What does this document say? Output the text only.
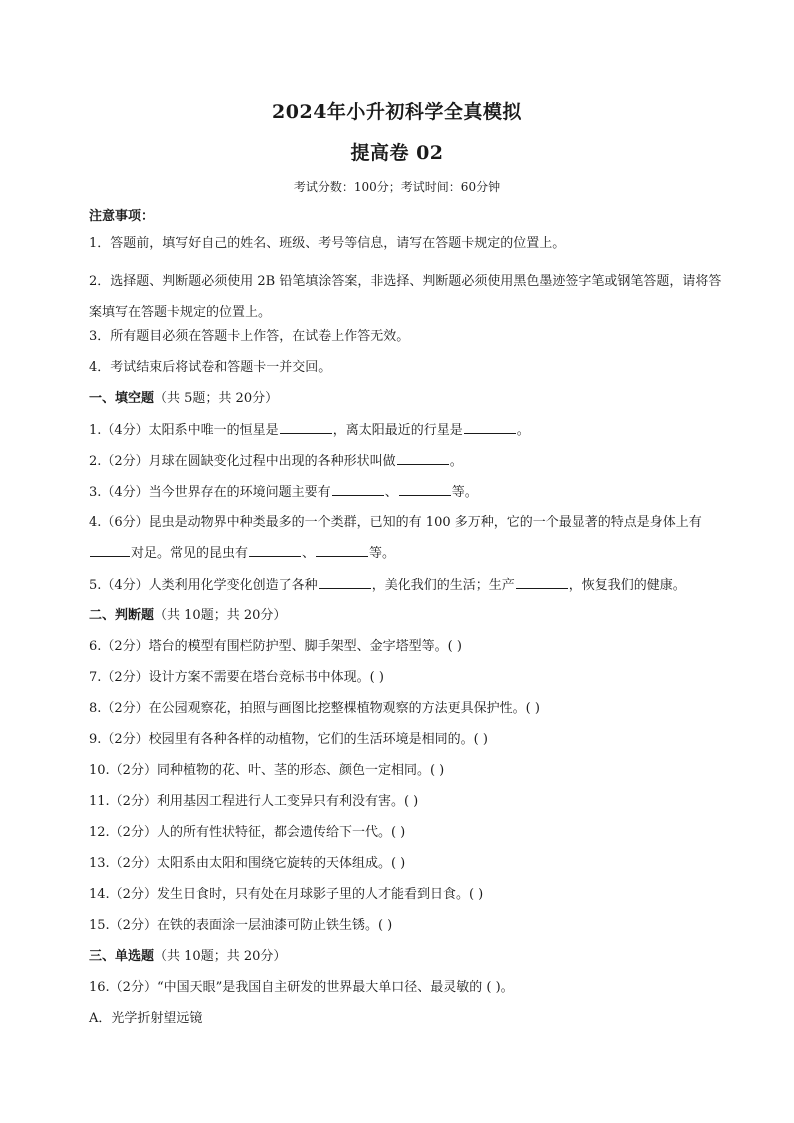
2024年小升初科学全真模拟
提高卷 02
考试分数：100分；考试时间：60分钟
注意事项：
1．答题前，填写好自己的姓名、班级、考号等信息，请写在答题卡规定的位置上。
2．选择题、判断题必须使用 2B 铅笔填涂答案，非选择、判断题必须使用黑色墨迹签字笔或钢笔答题，请将答案填写在答题卡规定的位置上。
3．所有题目必须在答题卡上作答，在试卷上作答无效。
4．考试结束后将试卷和答题卡一并交回。
一、填空题（共 5题；共 20分）
1.（4分）太阳系中唯一的恒星是	，离太阳最近的行星是	。
2.（2分）月球在圆缺变化过程中出现的各种形状叫做	。
3.（4分）当今世界存在的环境问题主要有	、	等。
4.（6分）昆虫是动物界中种类最多的一个类群，已知的有 100 多万种，它的一个最显著的特点是身体上有对足。常见的昆虫有	、	等。
5.（4分）人类利用化学变化创造了各种	，美化我们的生活；生产	，恢复我们的健康。
二、判断题（共 10题；共 20分）
6.（2分）塔台的模型有围栏防护型、脚手架型、金字塔型等。( )
7.（2分）设计方案不需要在塔台竞标书中体现。( )
8.（2分）在公园观察花，拍照与画图比挖整棵植物观察的方法更具保护性。( )
9.（2分）校园里有各种各样的动植物，它们的生活环境是相同的。( )
10.（2分）同种植物的花、叶、茎的形态、颜色一定相同。( )
11.（2分）利用基因工程进行人工变异只有利没有害。( )
12.（2分）人的所有性状特征，都会遗传给下一代。( )
13.（2分）太阳系由太阳和围绕它旋转的天体组成。( )
14.（2分）发生日食时，只有处在月球影子里的人才能看到日食。( )
15.（2分）在铁的表面涂一层油漆可防止铁生锈。( )
三、单选题（共 10题；共 20分）
16.（2分）“中国天眼”是我国自主研发的世界最大单口径、最灵敏的 ( )。
A．光学折射望远镜
